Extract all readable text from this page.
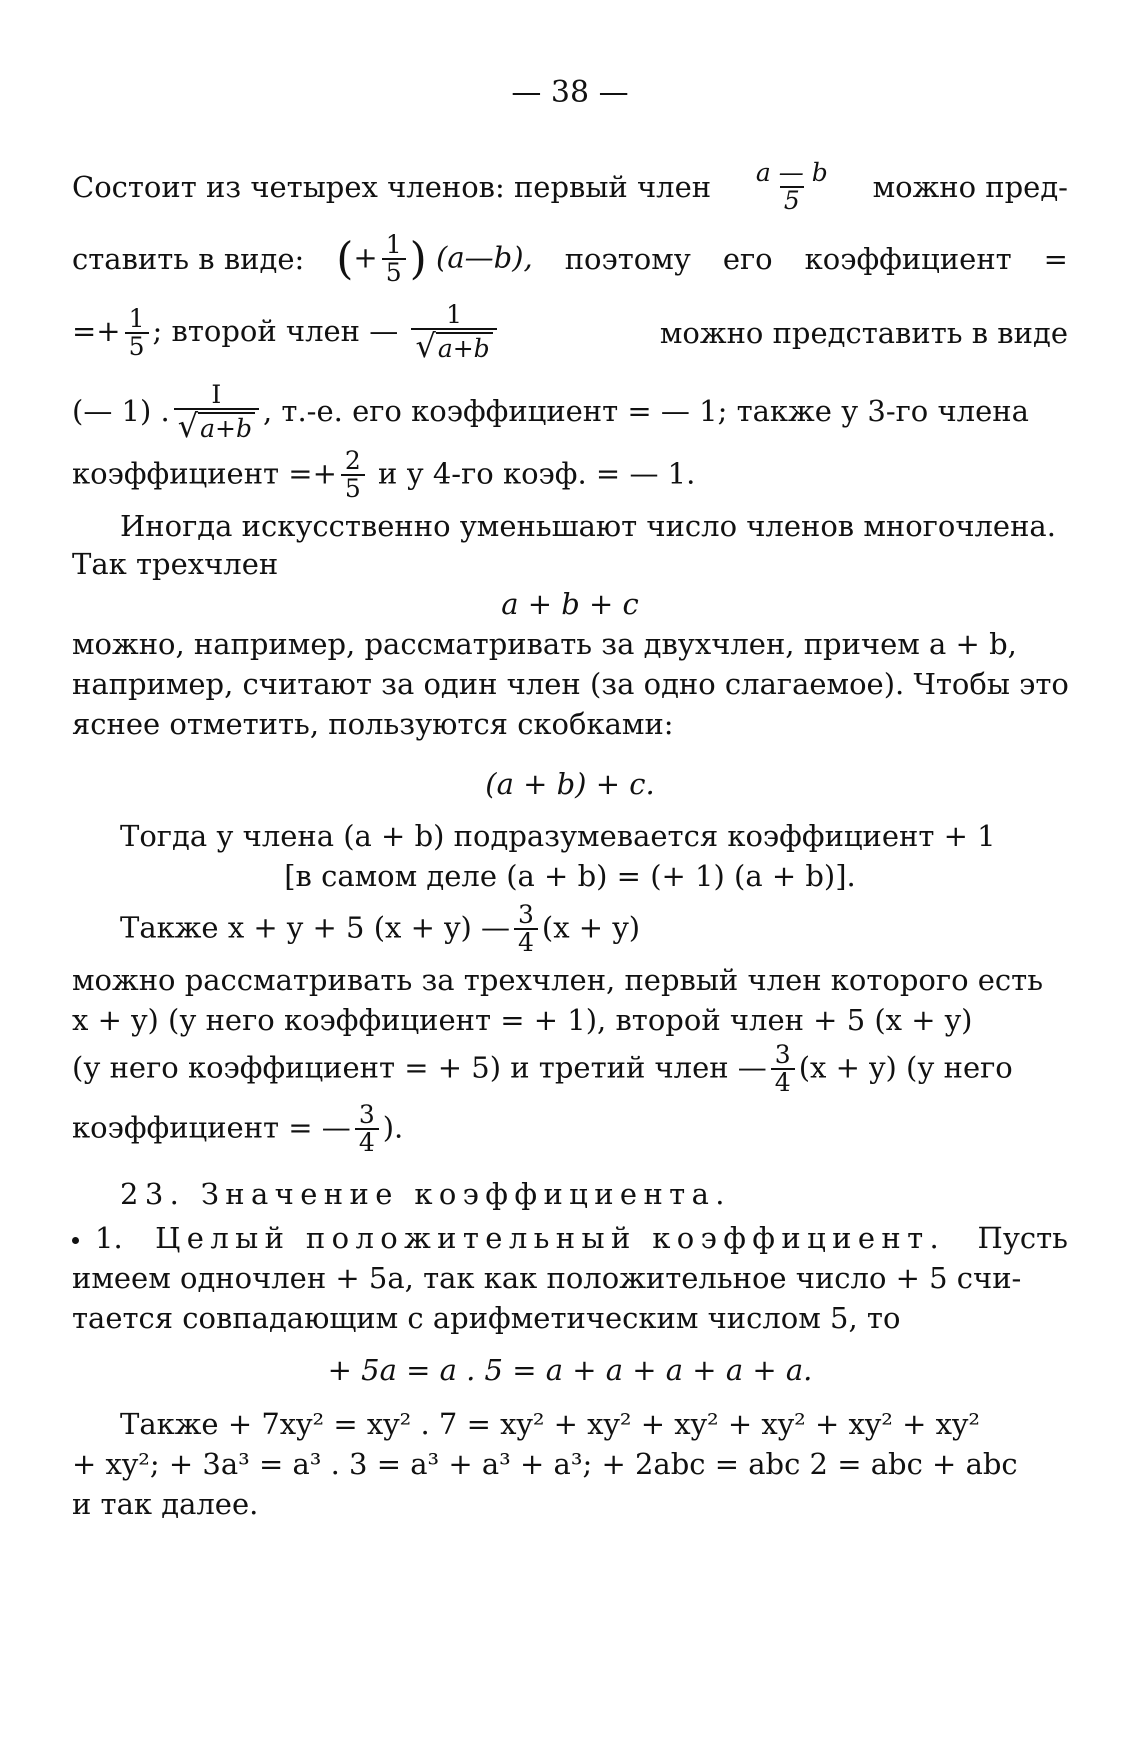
— 38 —
Состоит из четырех членов: первый член $\frac{a — b}{5}$ можно пред-
ставить в виде: (+ $\frac{1}{5}$ ) (a—b), поэтому его коэффициент =
=+ $\frac{1}{5}$ ; второй член — $\frac{1}{√a+b}$	можно представить в виде
(— 1) . $\frac{I}{√a+b}$ , т.-е. его коэффициент = — 1; также у 3-го члена
коэффициент =+ $\frac{2}{5}$ и у 4-го коэф. = — 1.
Иногда искусственно уменьшают число членов многочлена.
Так трехчлен
a + b + c
можно, например, рассматривать за двухчлен, причем a + b,
например, считают за один член (за одно слагаемое). Чтобы это
яснее отметить, пользуются скобками:
(a + b) + c.
Тогда у члена (a + b) подразумевается коэффициент + 1
[в самом деле (a + b) = (+ 1) (a + b)].
Также x + y + 5 (x + y) — $\frac{3}{4} (x + y)$
можно рассматривать за трехчлен, первый член которого есть
x + y) (у него коэффициент = + 1), второй член + 5 (x + y)
(у него коэффициент = + 5) и третий член — $\frac{3}{4} (x + y)$ (у него
коэффициент = — $\frac{3}{4}$ ).
23. Значение коэффициента.
1. Целый положительный коэффициент. Пусть
имеем одночлен + 5a, так как положительное число + 5 счи-
тается совпадающим с арифметическим числом 5, то
+ 5a = a . 5 = a + a + a + a + a.
Также + 7xy² = xy² . 7 = xy² + xy² + xy² + xy² + xy² + xy²
+ xy²; + 3a³ = a³ . 3 = a³ + a³ + a³; + 2abc = abc 2 = abc + abc
и так далее.
